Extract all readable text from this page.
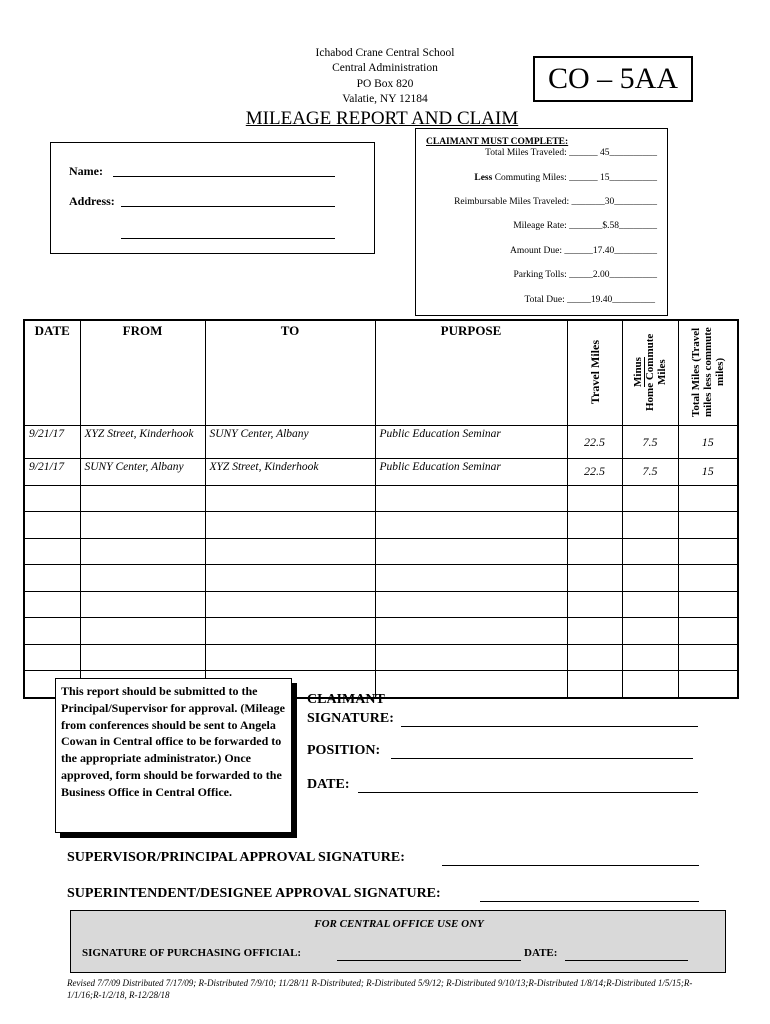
Ichabod Crane Central School
Central Administration
PO Box 820
Valatie, NY 12184
CO – 5AA
MILEAGE REPORT AND CLAIM
Name:
Address:
CLAIMANT MUST COMPLETE:
Total Miles Traveled: ______ 45__________
Less Commuting Miles: ______ 15__________
Reimbursable Miles Traveled: _______30_________
Mileage Rate: _______$.58________
Amount Due: ______17.40_________
Parking Tolls: _____2.00__________
Total Due: _____19.40_________
DATE	FROM	TO	PURPOSE	Travel Miles	Minus
Home Commute Miles	Total Miles (Travel miles less commute miles)
9/21/17	XYZ Street, Kinderhook	SUNY Center, Albany	Public Education Seminar	22.5	7.5	15
9/21/17	SUNY Center, Albany	XYZ Street, Kinderhook	Public Education Seminar	22.5	7.5	15

This report should be submitted to the Principal/Supervisor for approval. (Mileage from conferences should be sent to Angela Cowan in Central office to be forwarded to the appropriate administrator.) Once approved, form should be forwarded to the Business Office in Central Office.
CLAIMANT
SIGNATURE:
POSITION:
DATE:
SUPERVISOR/PRINCIPAL APPROVAL SIGNATURE:
SUPERINTENDENT/DESIGNEE APPROVAL SIGNATURE:
FOR CENTRAL OFFICE USE ONY
SIGNATURE OF PURCHASING OFFICIAL:	DATE:
Revised 7/7/09 Distributed 7/17/09; R-Distributed 7/9/10; 11/28/11 R-Distributed; R-Distributed 5/9/12; R-Distributed 9/10/13;R-Distributed 1/8/14;R-Distributed 1/5/15;R-1/1/16;R-1/2/18, R-12/28/18
